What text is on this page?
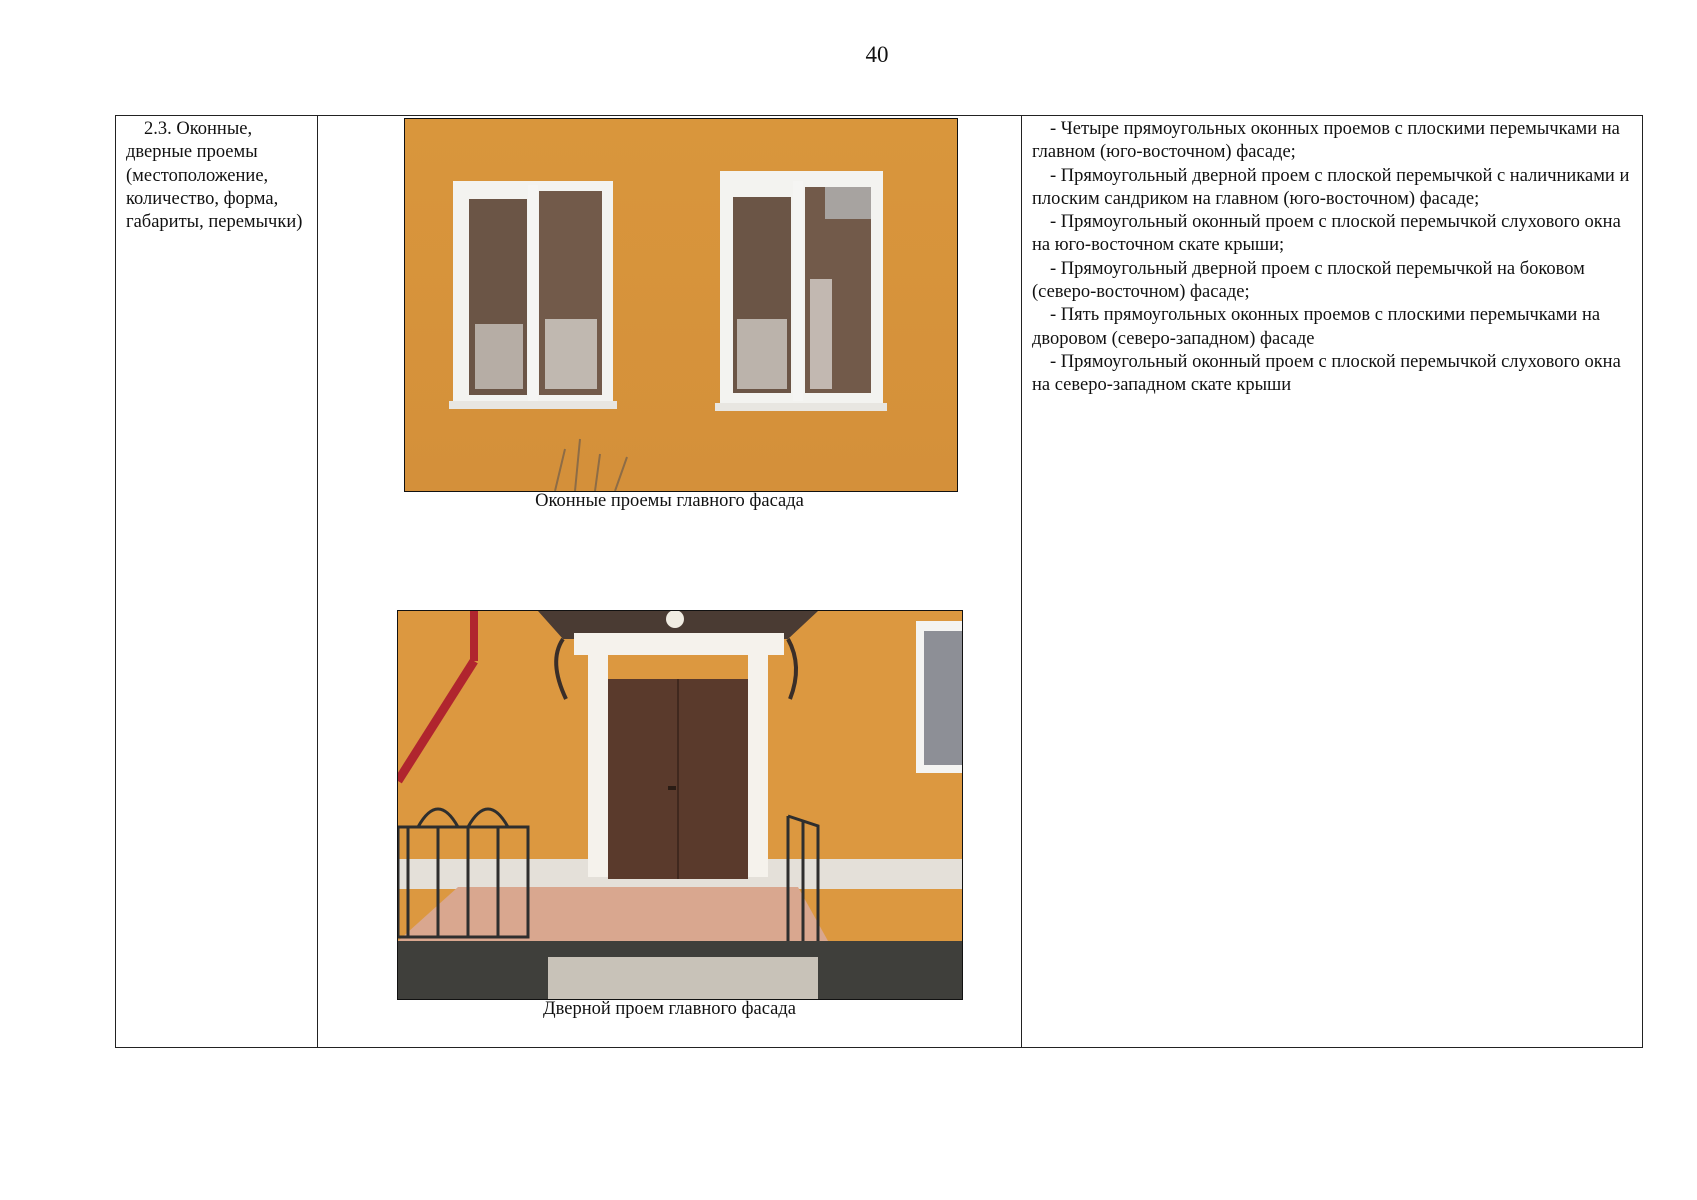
40

2.3. Оконные, дверные проемы (местоположение, количество, форма, габариты, перемычки)

Оконные проемы главного фасада
Дверной проем главного фасада

- Четыре прямоугольных оконных проемов с плоскими перемычками на главном (юго-восточном) фасаде;
- Прямоугольный дверной проем с плоской перемычкой с наличниками и плоским сандриком на главном (юго-восточном) фасаде;
- Прямоугольный оконный проем с плоской перемычкой слухового окна на юго-восточном скате крыши;
- Прямоугольный дверной проем с плоской перемычкой на боковом (северо-восточном) фасаде;
- Пять прямоугольных оконных проемов с плоскими перемычками на дворовом (северо-западном) фасаде
- Прямоугольный оконный проем с плоской перемычкой слухового окна на северо-западном скате крыши
